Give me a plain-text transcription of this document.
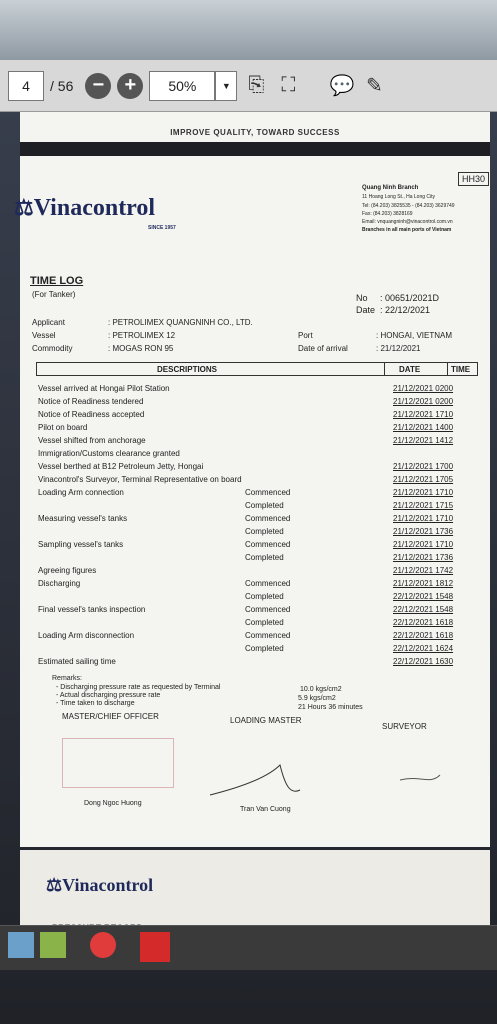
4 / 56 −	+	50%	▼ ⎘ ⛶	💬 ✎
IMPROVE QUALITY, TOWARD SUCCESS
HH30
⚖Vinacontrol
SINCE 1957
Quang Ninh Branch
11 Hoang Long St., Ha Long City
Tel: (84.203) 3825535 - (84.203) 3629749
Fax: (84.203) 3828169
Email: vnquangninh@vinacontrol.com.vn
Branches in all main ports of Vietnam
TIME LOG
(For Tanker)	No : 00651/2021D
Date : 22/12/2021
Applicant	: PETROLIMEX QUANGNINH CO., LTD.
Vessel	: PETROLIMEX 12
Commodity	: MOGAS RON 95
Port	: HONGAI, VIETNAM
Date of arrival	: 21/12/2021
DESCRIPTIONS	DATE	TIME
Vessel arrived at Hongai Pilot Station	21/12/2021 0200
Notice of Readiness tendered	21/12/2021 0200
Notice of Readiness accepted	21/12/2021 1710
Pilot on board	21/12/2021 1400
Vessel shifted from anchorage	21/12/2021 1412
Immigration/Customs clearance granted
Vessel berthed at B12 Petroleum Jetty, Hongai	21/12/2021 1700
Vinacontrol's Surveyor, Terminal Representative on board	21/12/2021 1705
Loading Arm connection	Commenced	21/12/2021 1710
Completed	21/12/2021 1715
Measuring vessel's tanks	Commenced	21/12/2021 1710
Completed	21/12/2021 1736
Sampling vessel's tanks	Commenced	21/12/2021 1710
Completed	21/12/2021 1736
Agreeing figures	21/12/2021 1742
Discharging	Commenced	21/12/2021 1812
Completed	22/12/2021 1548
Final vessel's tanks inspection	Commenced	22/12/2021 1548
Completed	22/12/2021 1618
Loading Arm disconnection	Commenced	22/12/2021 1618
Completed	22/12/2021 1624
Estimated sailing time	22/12/2021 1630
Remarks:
- Discharging pressure rate as requested by Terminal	10.0 kgs/cm2
- Actual discharging pressure rate	5.9 kgs/cm2
- Time taken to discharge
21 Hours 36 minutes
MASTER/CHIEF OFFICER	LOADING MASTER
SURVEYOR
Dong Ngoc Huong
Tran Van Cuong
⚖Vinacontrol
